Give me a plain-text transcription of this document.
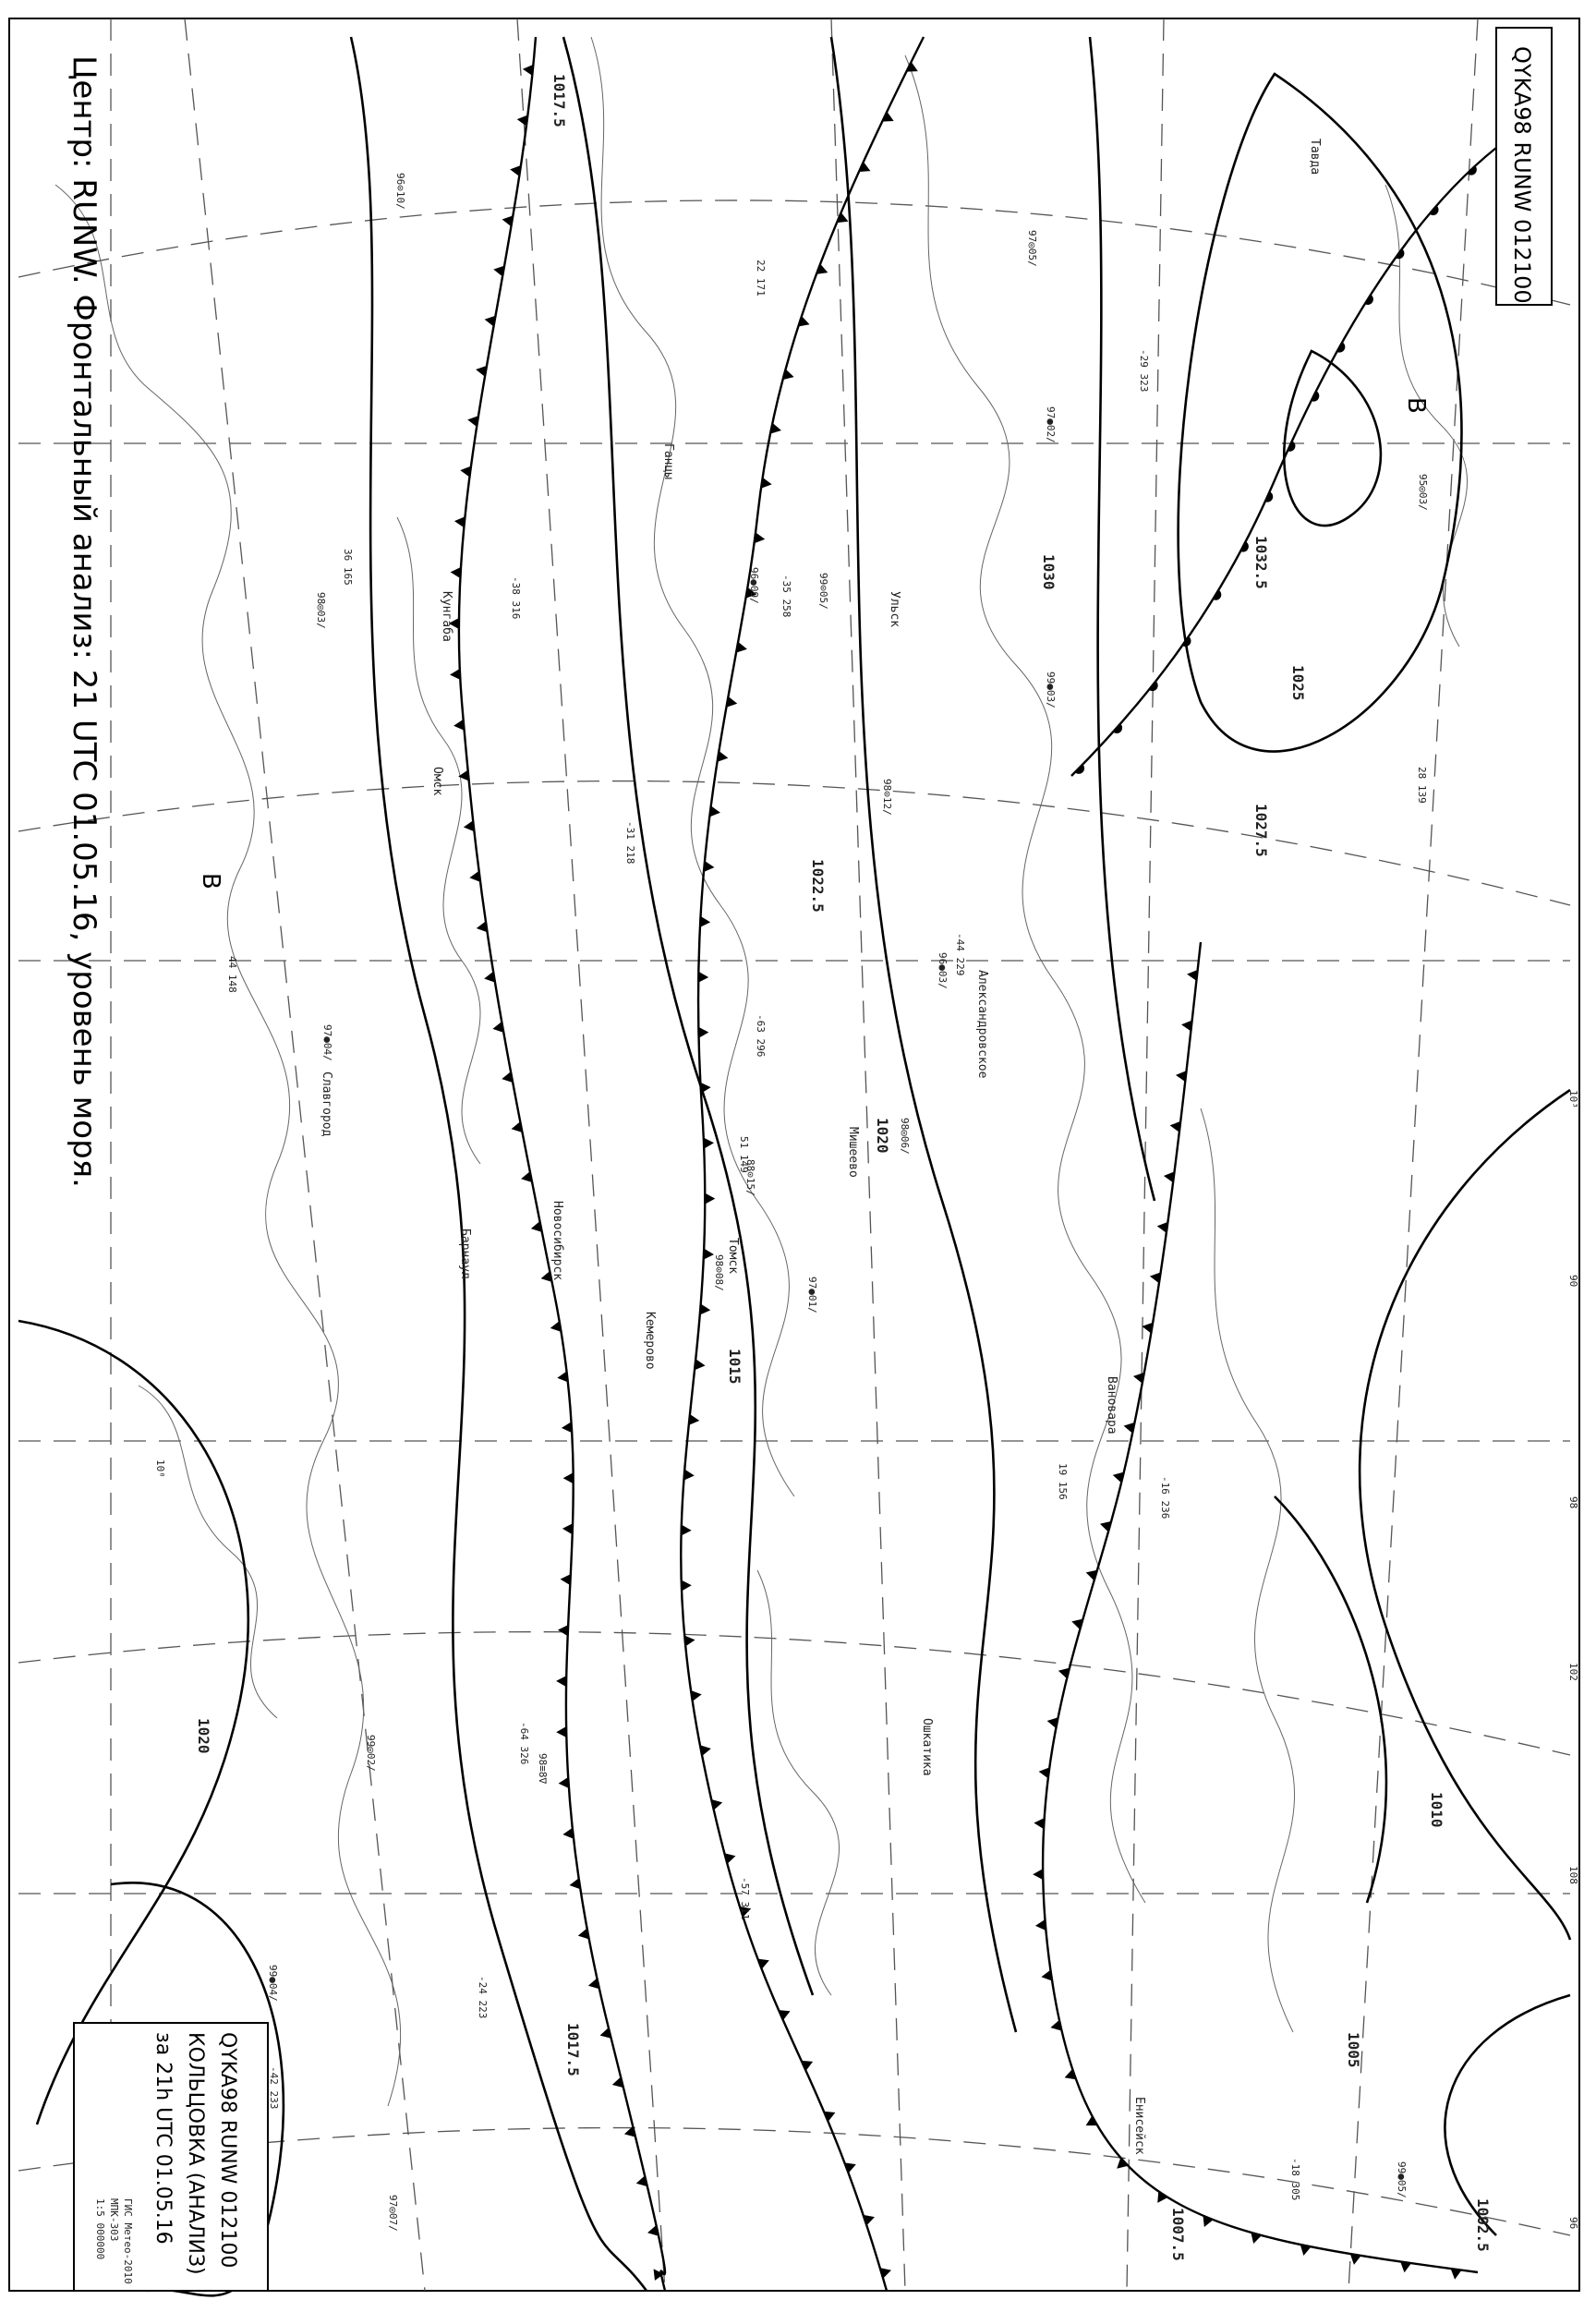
Центр: RUNW. Фронтальный анализ: 21 UTC 01.05.16, уровень моря.	QYKA98 RUNW 012100
QYKA98 RUNW 012100
КОЛЬЦОВКА (АНАЛИЗ)
за 21h UTC 01.05.16
ГИС Метео-2010
МПК-303
1:5 000000
В
В
1017.5
1020
1022.5
1025
1027.5
1030	1032.5
1015
1002.5
1007.5
1020
1017.5	1005
1010
Томск
Барнаул
Кемерово
Новосибирск
Омск
Александровское
Вановара
Енисейск
Ульск
Мишеево
Кунгаба
Ошкатика
Ганцы
Тавда
Славгород
97●01/
98◎03/
88⊙15/
99●04/
96●03/
98≡8∇
97◎05/
99⊙05/
97●02/
98◎06/
96⊙10/
99●05/
97●04/
95◎03/
98⊙08/
99●03/
97◎07/
96●09/
98⊙12/
99◎02/
-31 218
-42 233
-24 223
-35 258
-44 229
-16 236
36 165
22 171
44 148
19 156
28 139
51 149
-57 311
-63 296
-38 316
-29 323
-64 326
-18 305
10⁰
102
108
98
96
90
10³
